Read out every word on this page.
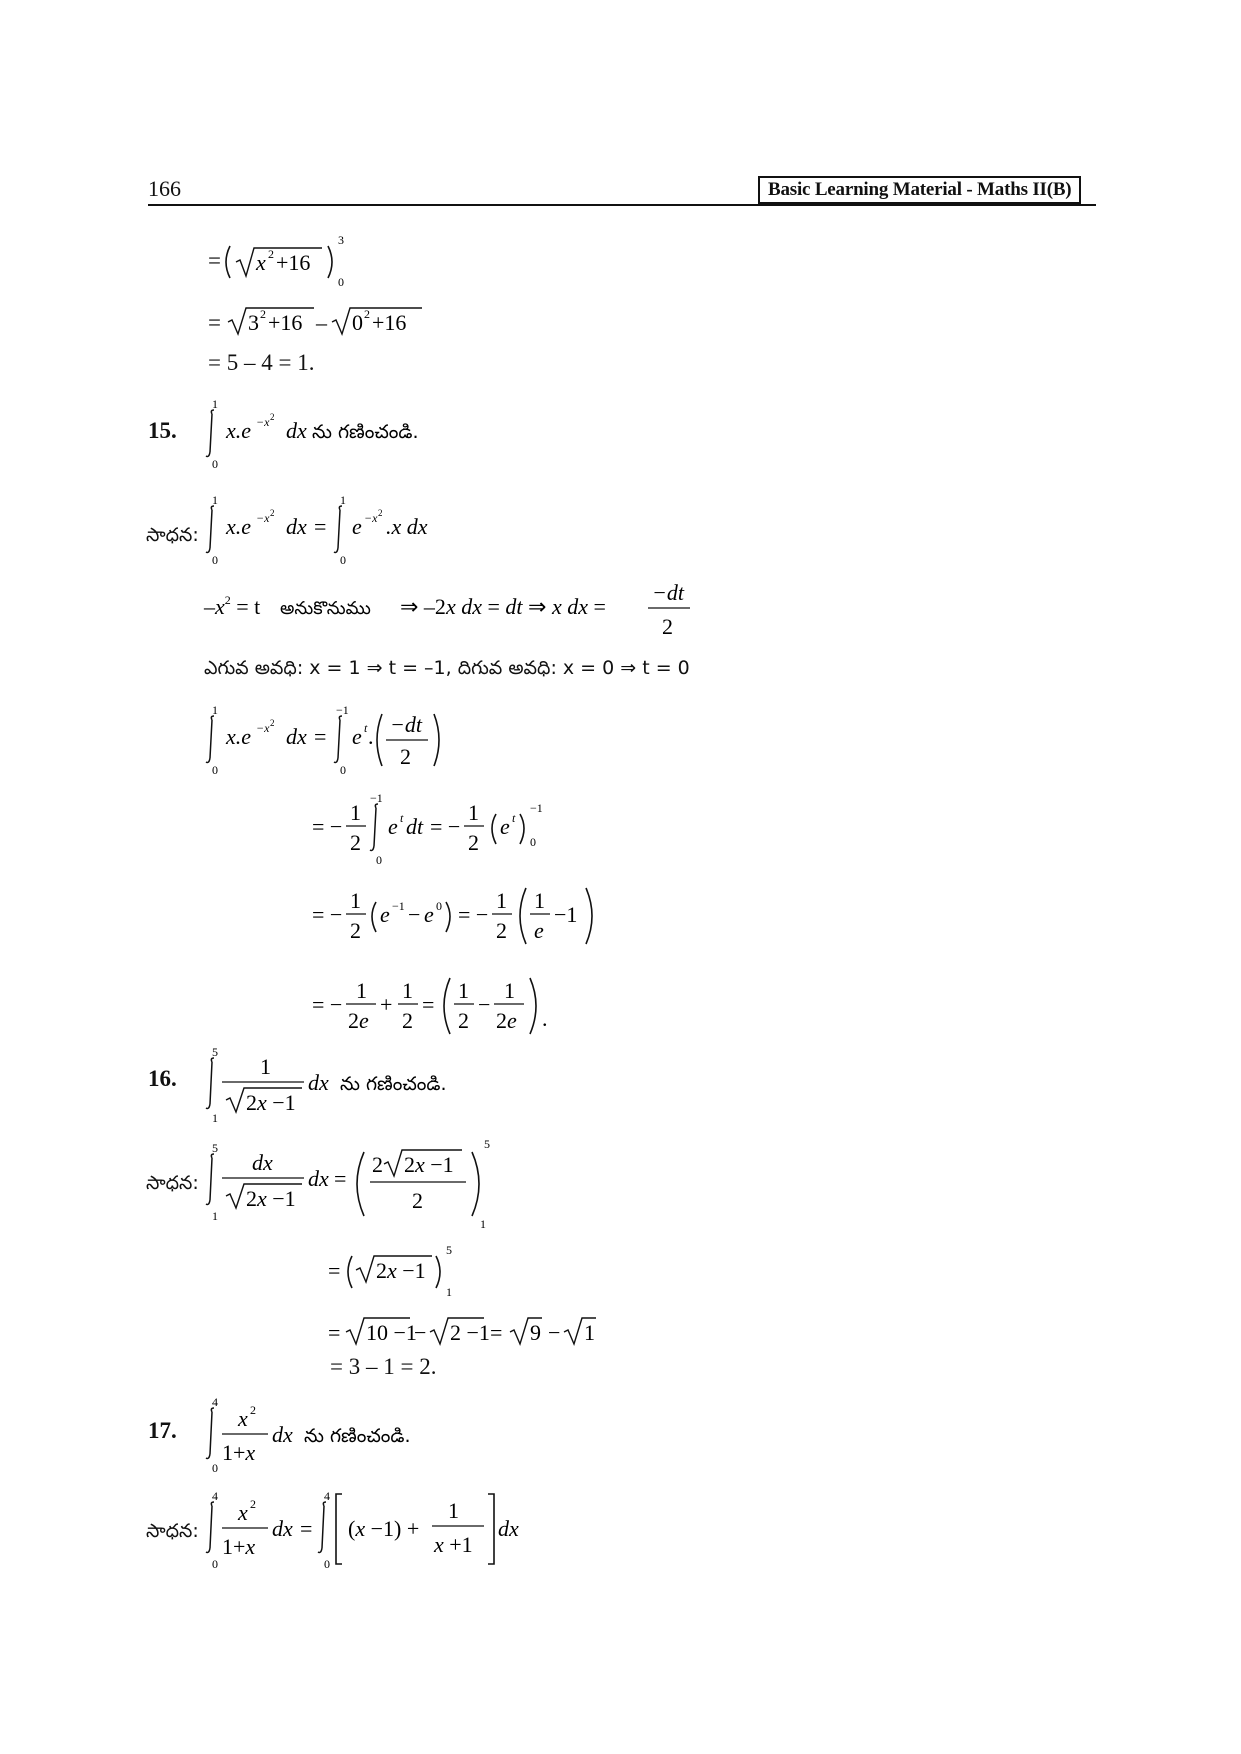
166	Basic Learning Material - Maths II(B)
= x 2 +16
3
0
= 3 2 +16 – 0 2 +16
= 5 – 4 = 1.
15.
1
0
x.e −x 2
dx ను గణించండి.
సాధన:
1
0
x.e −x 2
dx =
1
0
e −x 2
.x dx
$-x^2 = t$ అనుకొనుము ⇒ –2x dx = dt ⇒ x dx =
−dt
2
ఎగువ అవధి: x = 1 ⇒ t = –1, దిగువ అవధి: x = 0 ⇒ t = 0
1
0
x.e −x 2
dx =
−1
0
e t . −dt
2
= −
1
2
−1
0
e t dt = −
1
2
e t
−1
0
= −
1
2
e −1 − e 0 = −
1
2
1
e
−1
= −
1
2e
+
1
2
=
1
2
−
1
2e .
16.
5
1
1
2x −1
dx ను గణించండి.
సాధన:
5
1
dx
2x −1
dx =
2 2x −1
2
5
1
= 2x −1
5
1
= 10 −1
− 2 −1 = 9 − 1
= 3 – 1 = 2.
17.
4
0
x 2
1+x
dx ను గణించండి.
సాధన:
4
0
x 2
1+x
dx =
4
0
(x −1) +
1
x +1
dx
